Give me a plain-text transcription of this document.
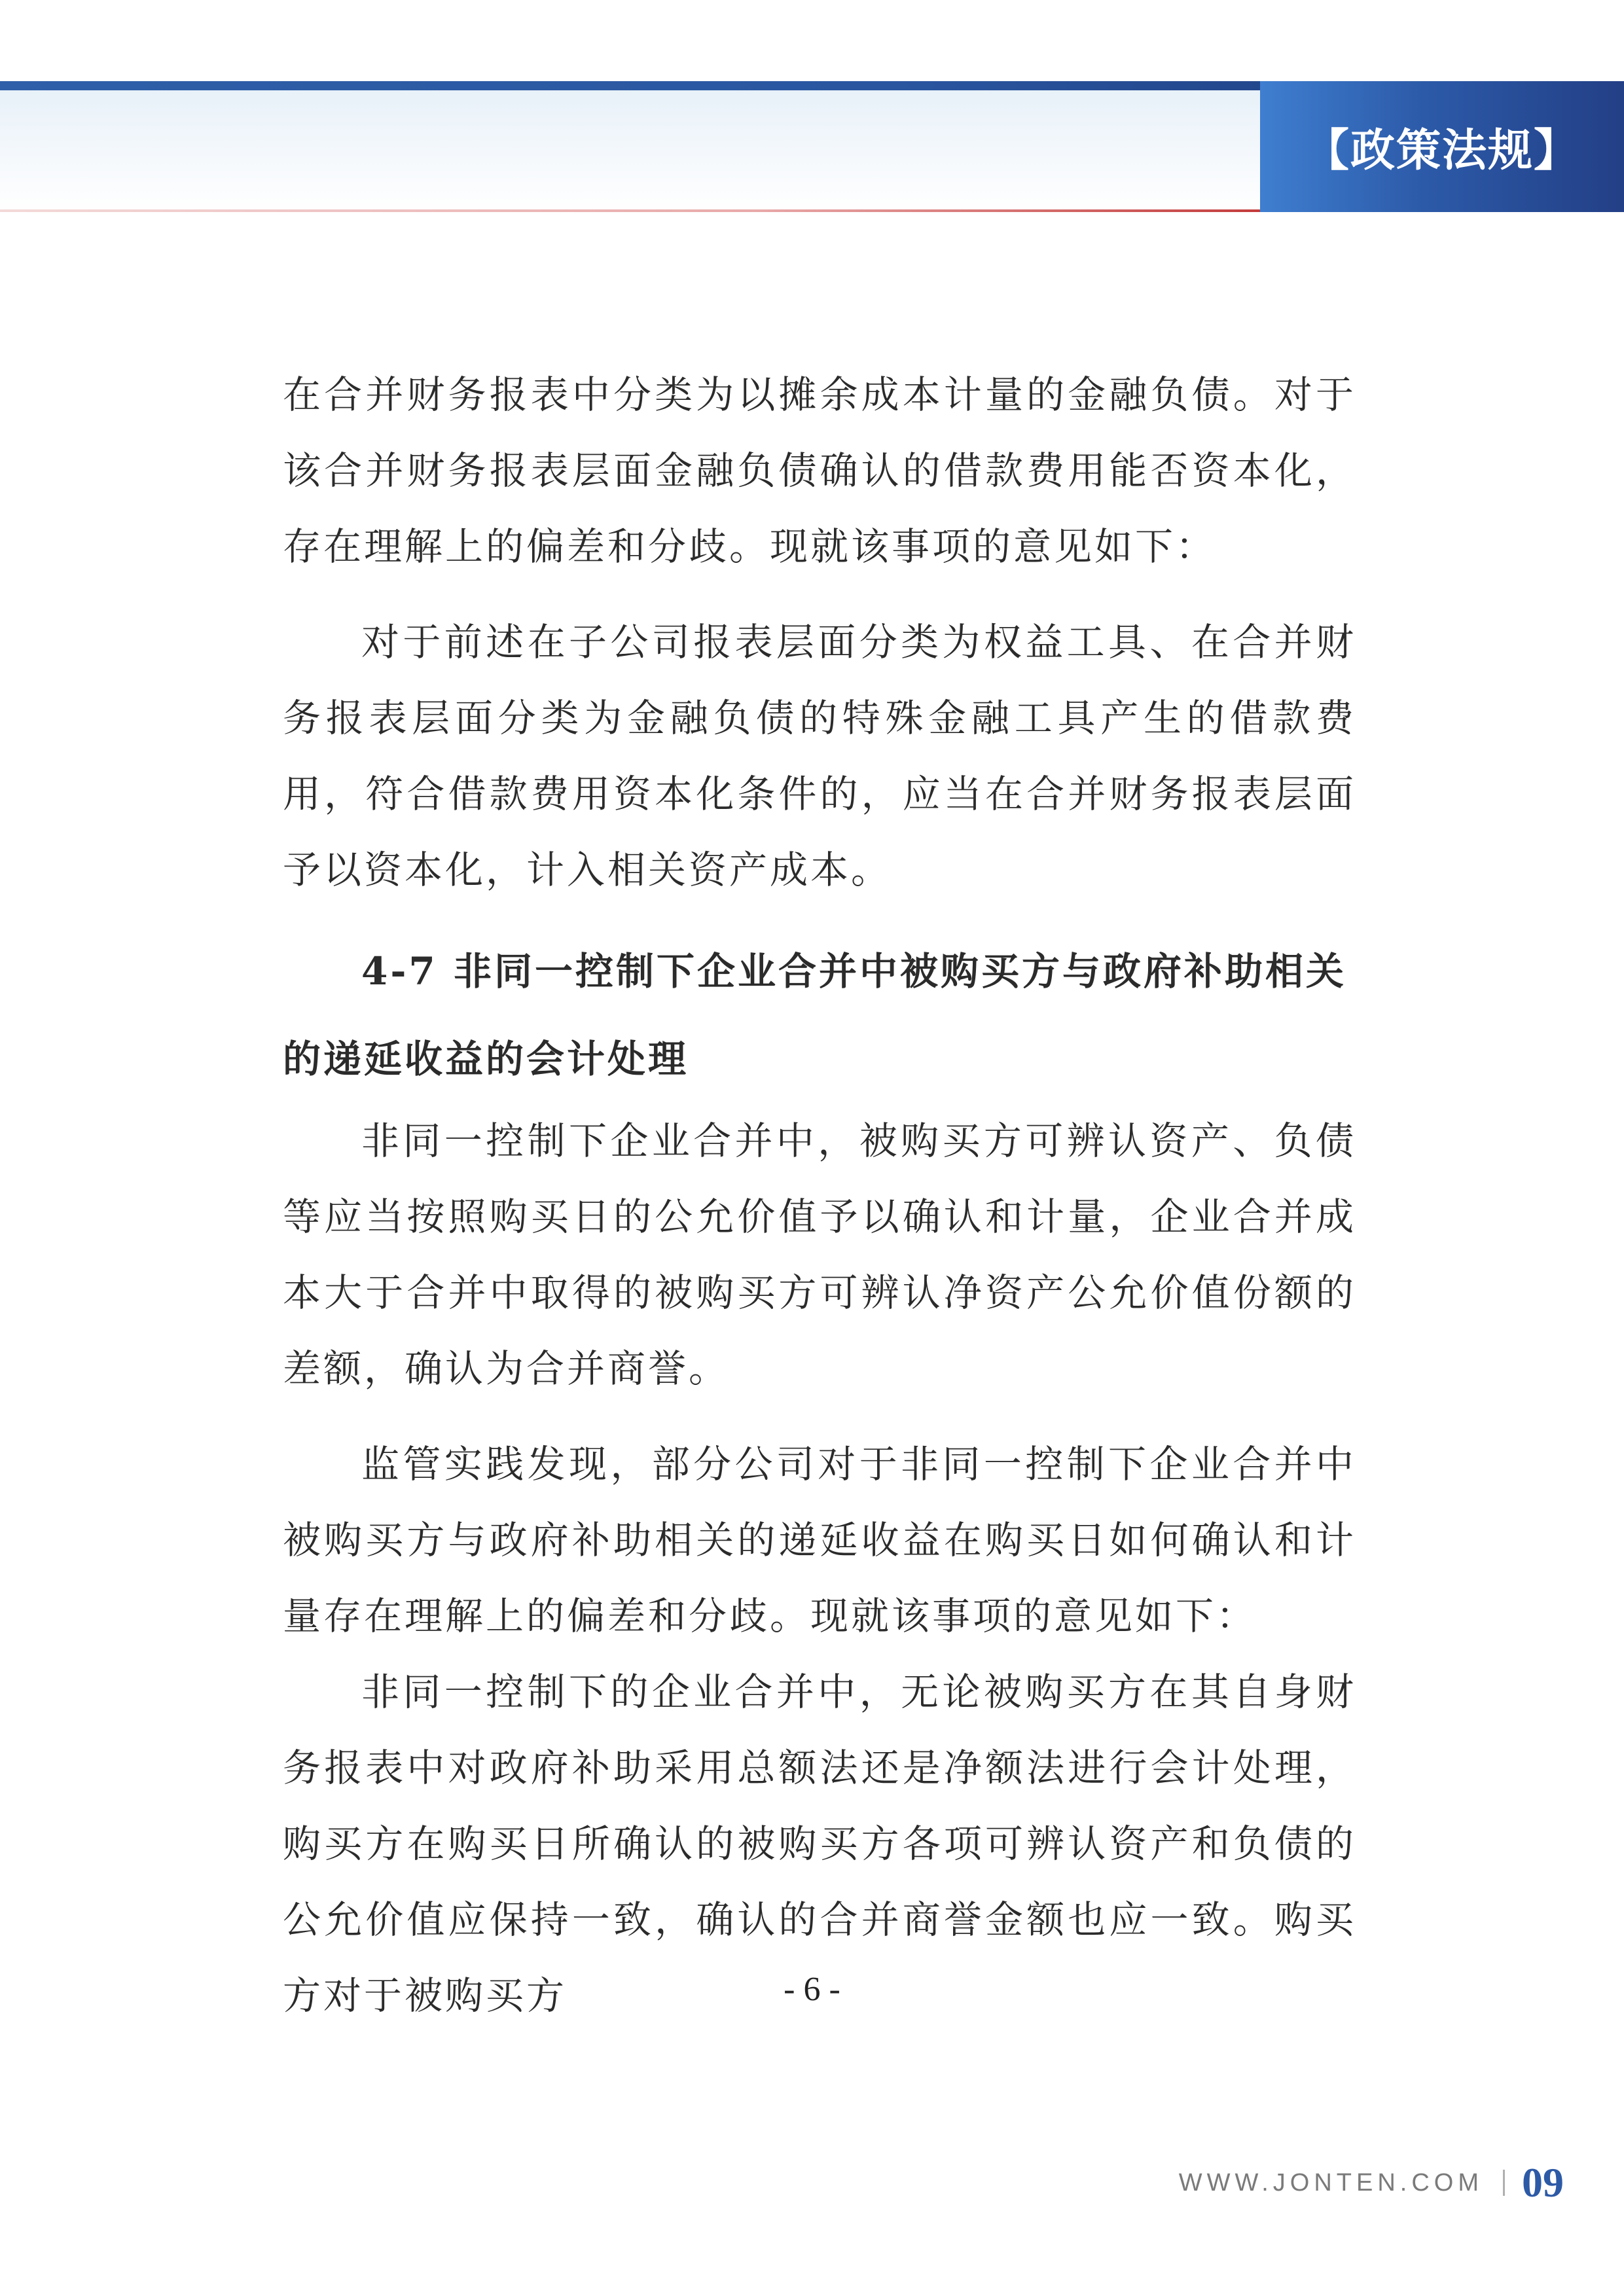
【政策法规】

在合并财务报表中分类为以摊余成本计量的金融负债。对于该合并财务报表层面金融负债确认的借款费用能否资本化，存在理解上的偏差和分歧。现就该事项的意见如下：

对于前述在子公司报表层面分类为权益工具、在合并财务报表层面分类为金融负债的特殊金融工具产生的借款费用，符合借款费用资本化条件的，应当在合并财务报表层面予以资本化，计入相关资产成本。

4-7 非同一控制下企业合并中被购买方与政府补助相关的递延收益的会计处理

非同一控制下企业合并中，被购买方可辨认资产、负债等应当按照购买日的公允价值予以确认和计量，企业合并成本大于合并中取得的被购买方可辨认净资产公允价值份额的差额，确认为合并商誉。

监管实践发现，部分公司对于非同一控制下企业合并中被购买方与政府补助相关的递延收益在购买日如何确认和计量存在理解上的偏差和分歧。现就该事项的意见如下：

非同一控制下的企业合并中，无论被购买方在其自身财务报表中对政府补助采用总额法还是净额法进行会计处理，购买方在购买日所确认的被购买方各项可辨认资产和负债的公允价值应保持一致，确认的合并商誉金额也应一致。购买方对于被购买方	- 6 -
WWW.JONTEN.COM 09
